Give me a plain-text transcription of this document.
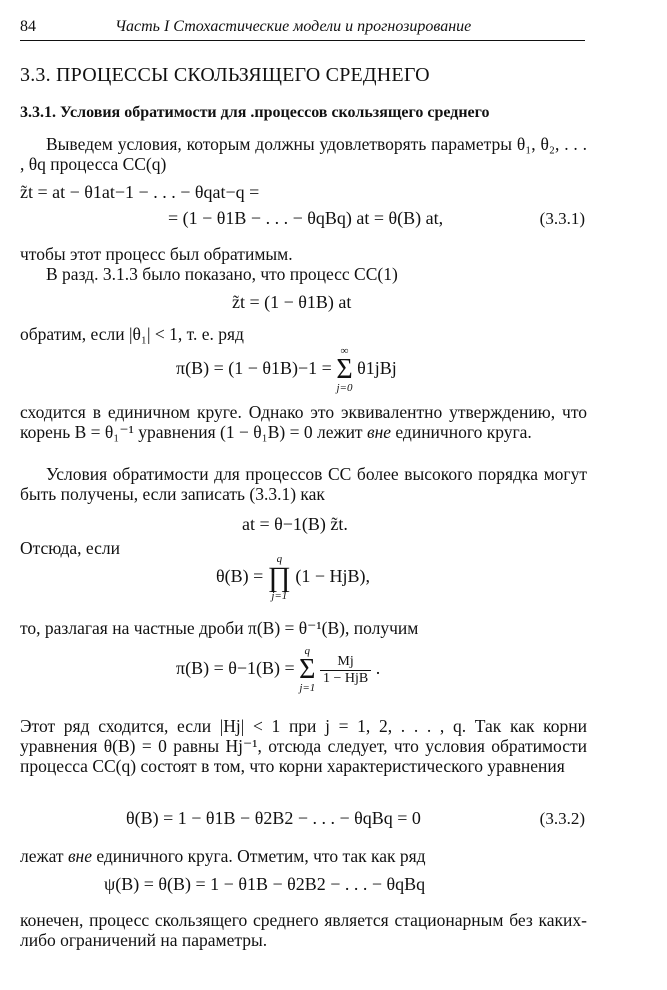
84	Часть I Стохастические модели и прогнозирование
3.3. ПРОЦЕССЫ СКОЛЬЗЯЩЕГО СРЕДНЕГО
3.3.1. Условия обратимости для .процессов скользящего среднего
Выведем условия, которым должны удовлетворять параметры θ₁, θ₂, . . . , θq процесса СС(q)
z̃t = at − θ1at−1 − . . . − θqat−q =
= (1 − θ1B − . . . − θqBq) at = θ(B) at,	(3.3.1)
чтобы этот процесс был обратимым.
В разд. 3.1.3 было показано, что процесс СС(1)
z̃t = (1 − θ1B) at
обратим, если |θ₁| < 1, т. е. ряд
π(B) = (1 − θ1B)−1 =
∞
Σ
j=0
θ1jBj
сходится в единичном круге. Однако это эквивалентно утверждению, что корень B = θ₁⁻¹ уравнения (1 − θ₁B) = 0 лежит вне единичного круга.
Условия обратимости для процессов СС более высокого порядка могут быть получены, если записать (3.3.1) как
at = θ−1(B) z̃t.
Отсюда, если
θ(B) =
q
∏
j=1
(1 − HjB),
то, разлагая на частные дроби π(B) = θ⁻¹(B), получим
π(B) = θ−1(B) =
q
Σ
j=1

$\frac{Mj}{\text{1 − HjB}}$ .
Этот ряд сходится, если |Hj| < 1 при j = 1, 2, . . . , q. Так как корни уравнения θ(B) = 0 равны Hj⁻¹, отсюда следует, что условия обратимости процесса СС(q) состоят в том, что корни характеристического уравнения
θ(B) = 1 − θ1B − θ2B2 − . . . − θqBq = 0	(3.3.2)
лежат вне единичного круга. Отметим, что так как ряд
ψ(B) = θ(B) = 1 − θ1B − θ2B2 − . . . − θqBq
конечен, процесс скользящего среднего является стационарным без каких-либо ограничений на параметры.
